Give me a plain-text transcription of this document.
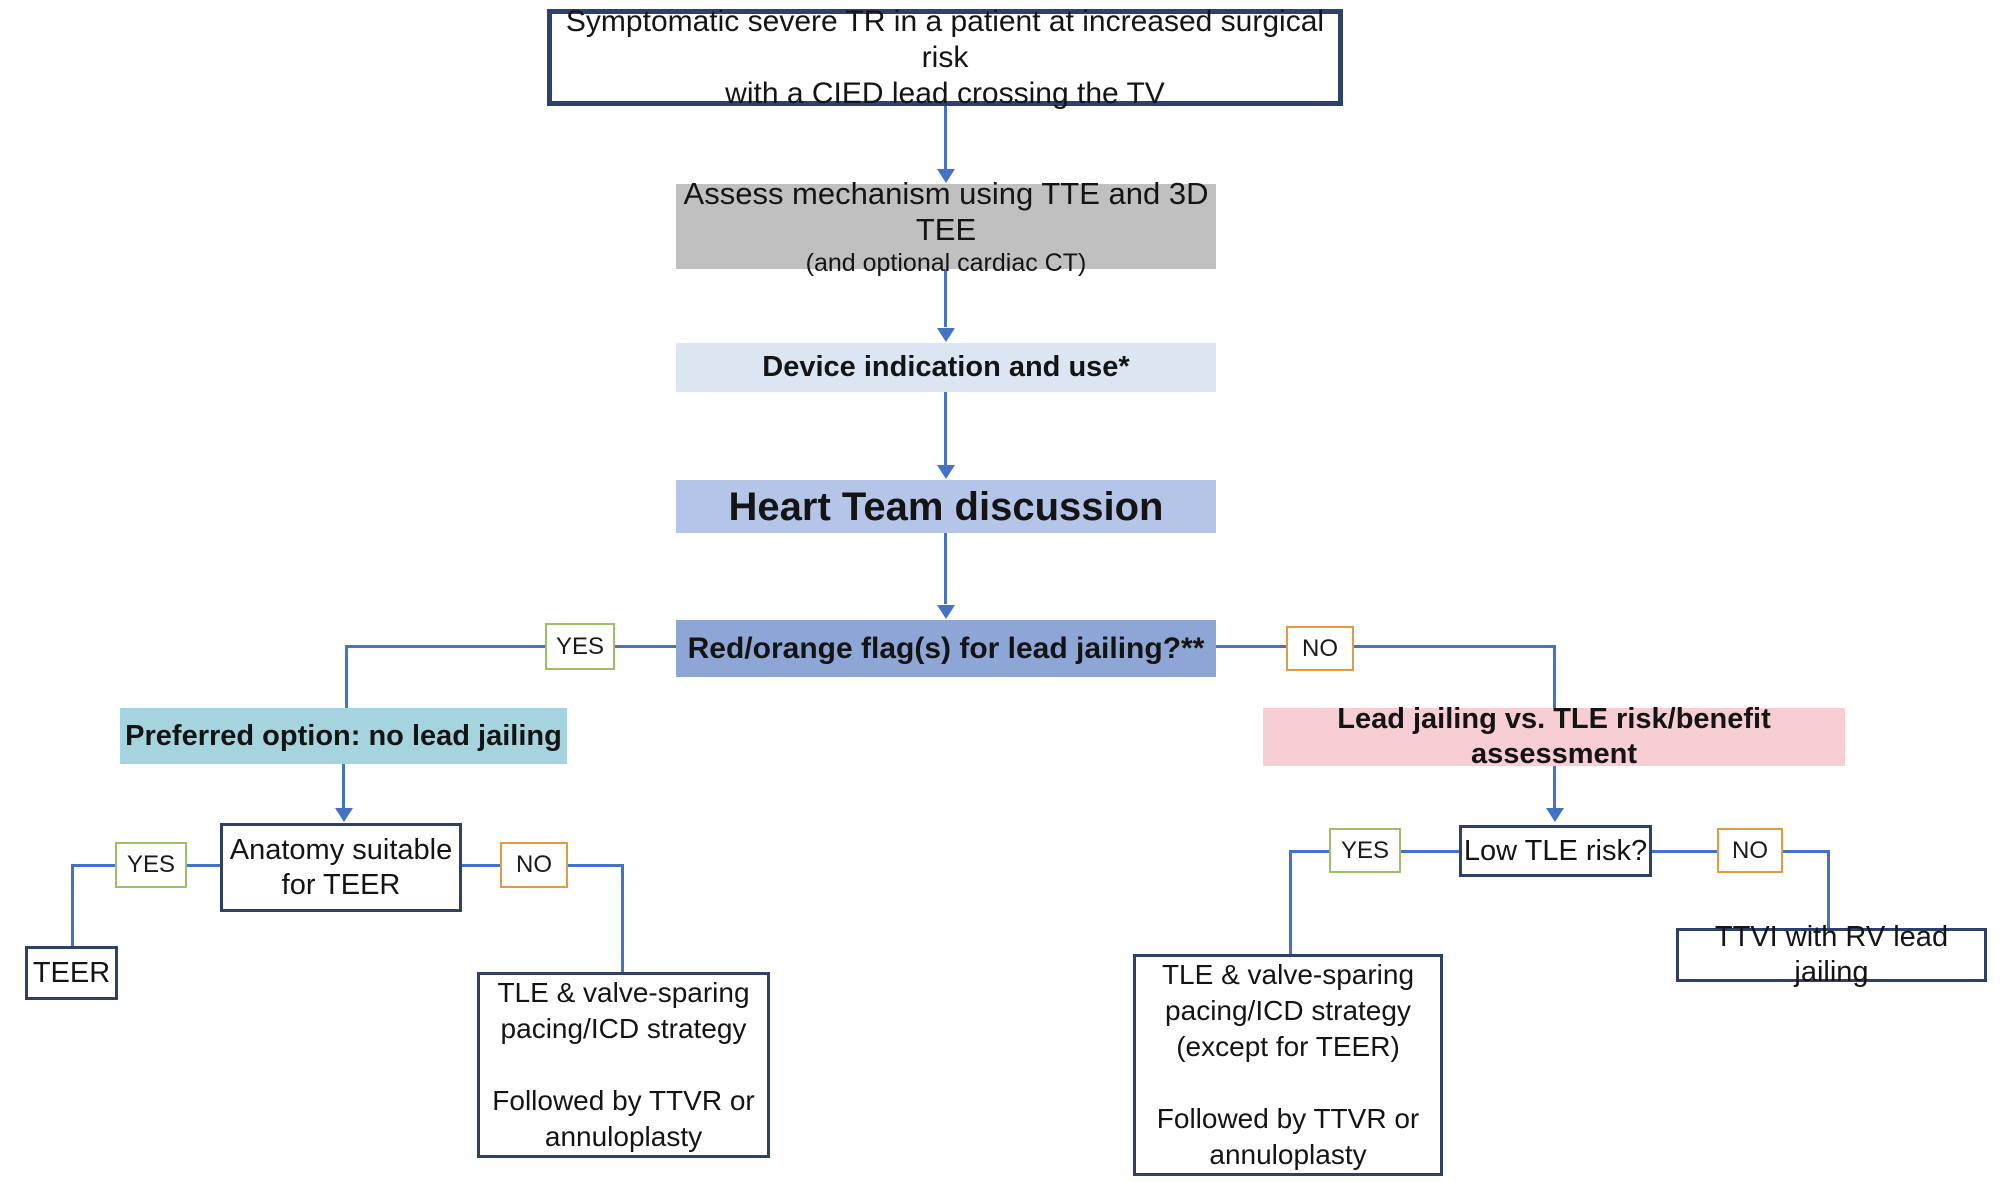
Symptomatic severe TR in a patient at increased surgical risk
with a CIED lead crossing the TV
Assess mechanism using TTE and 3D TEE
(and optional cardiac CT)
Device indication and use*
Heart Team discussion
Red/orange flag(s) for lead jailing?**
YES
Preferred option: no lead jailing
Anatomy suitable
for TEER
YES
TEER
NO
TLE & valve-sparing
pacing/ICD strategy
Followed by TTVR or
annuloplasty
NO
Lead jailing vs. TLE risk/benefit assessment
Low TLE risk?
YES
TLE & valve-sparing
pacing/ICD strategy
(except for TEER)
Followed by TTVR or
annuloplasty
NO
TTVI with RV lead jailing
